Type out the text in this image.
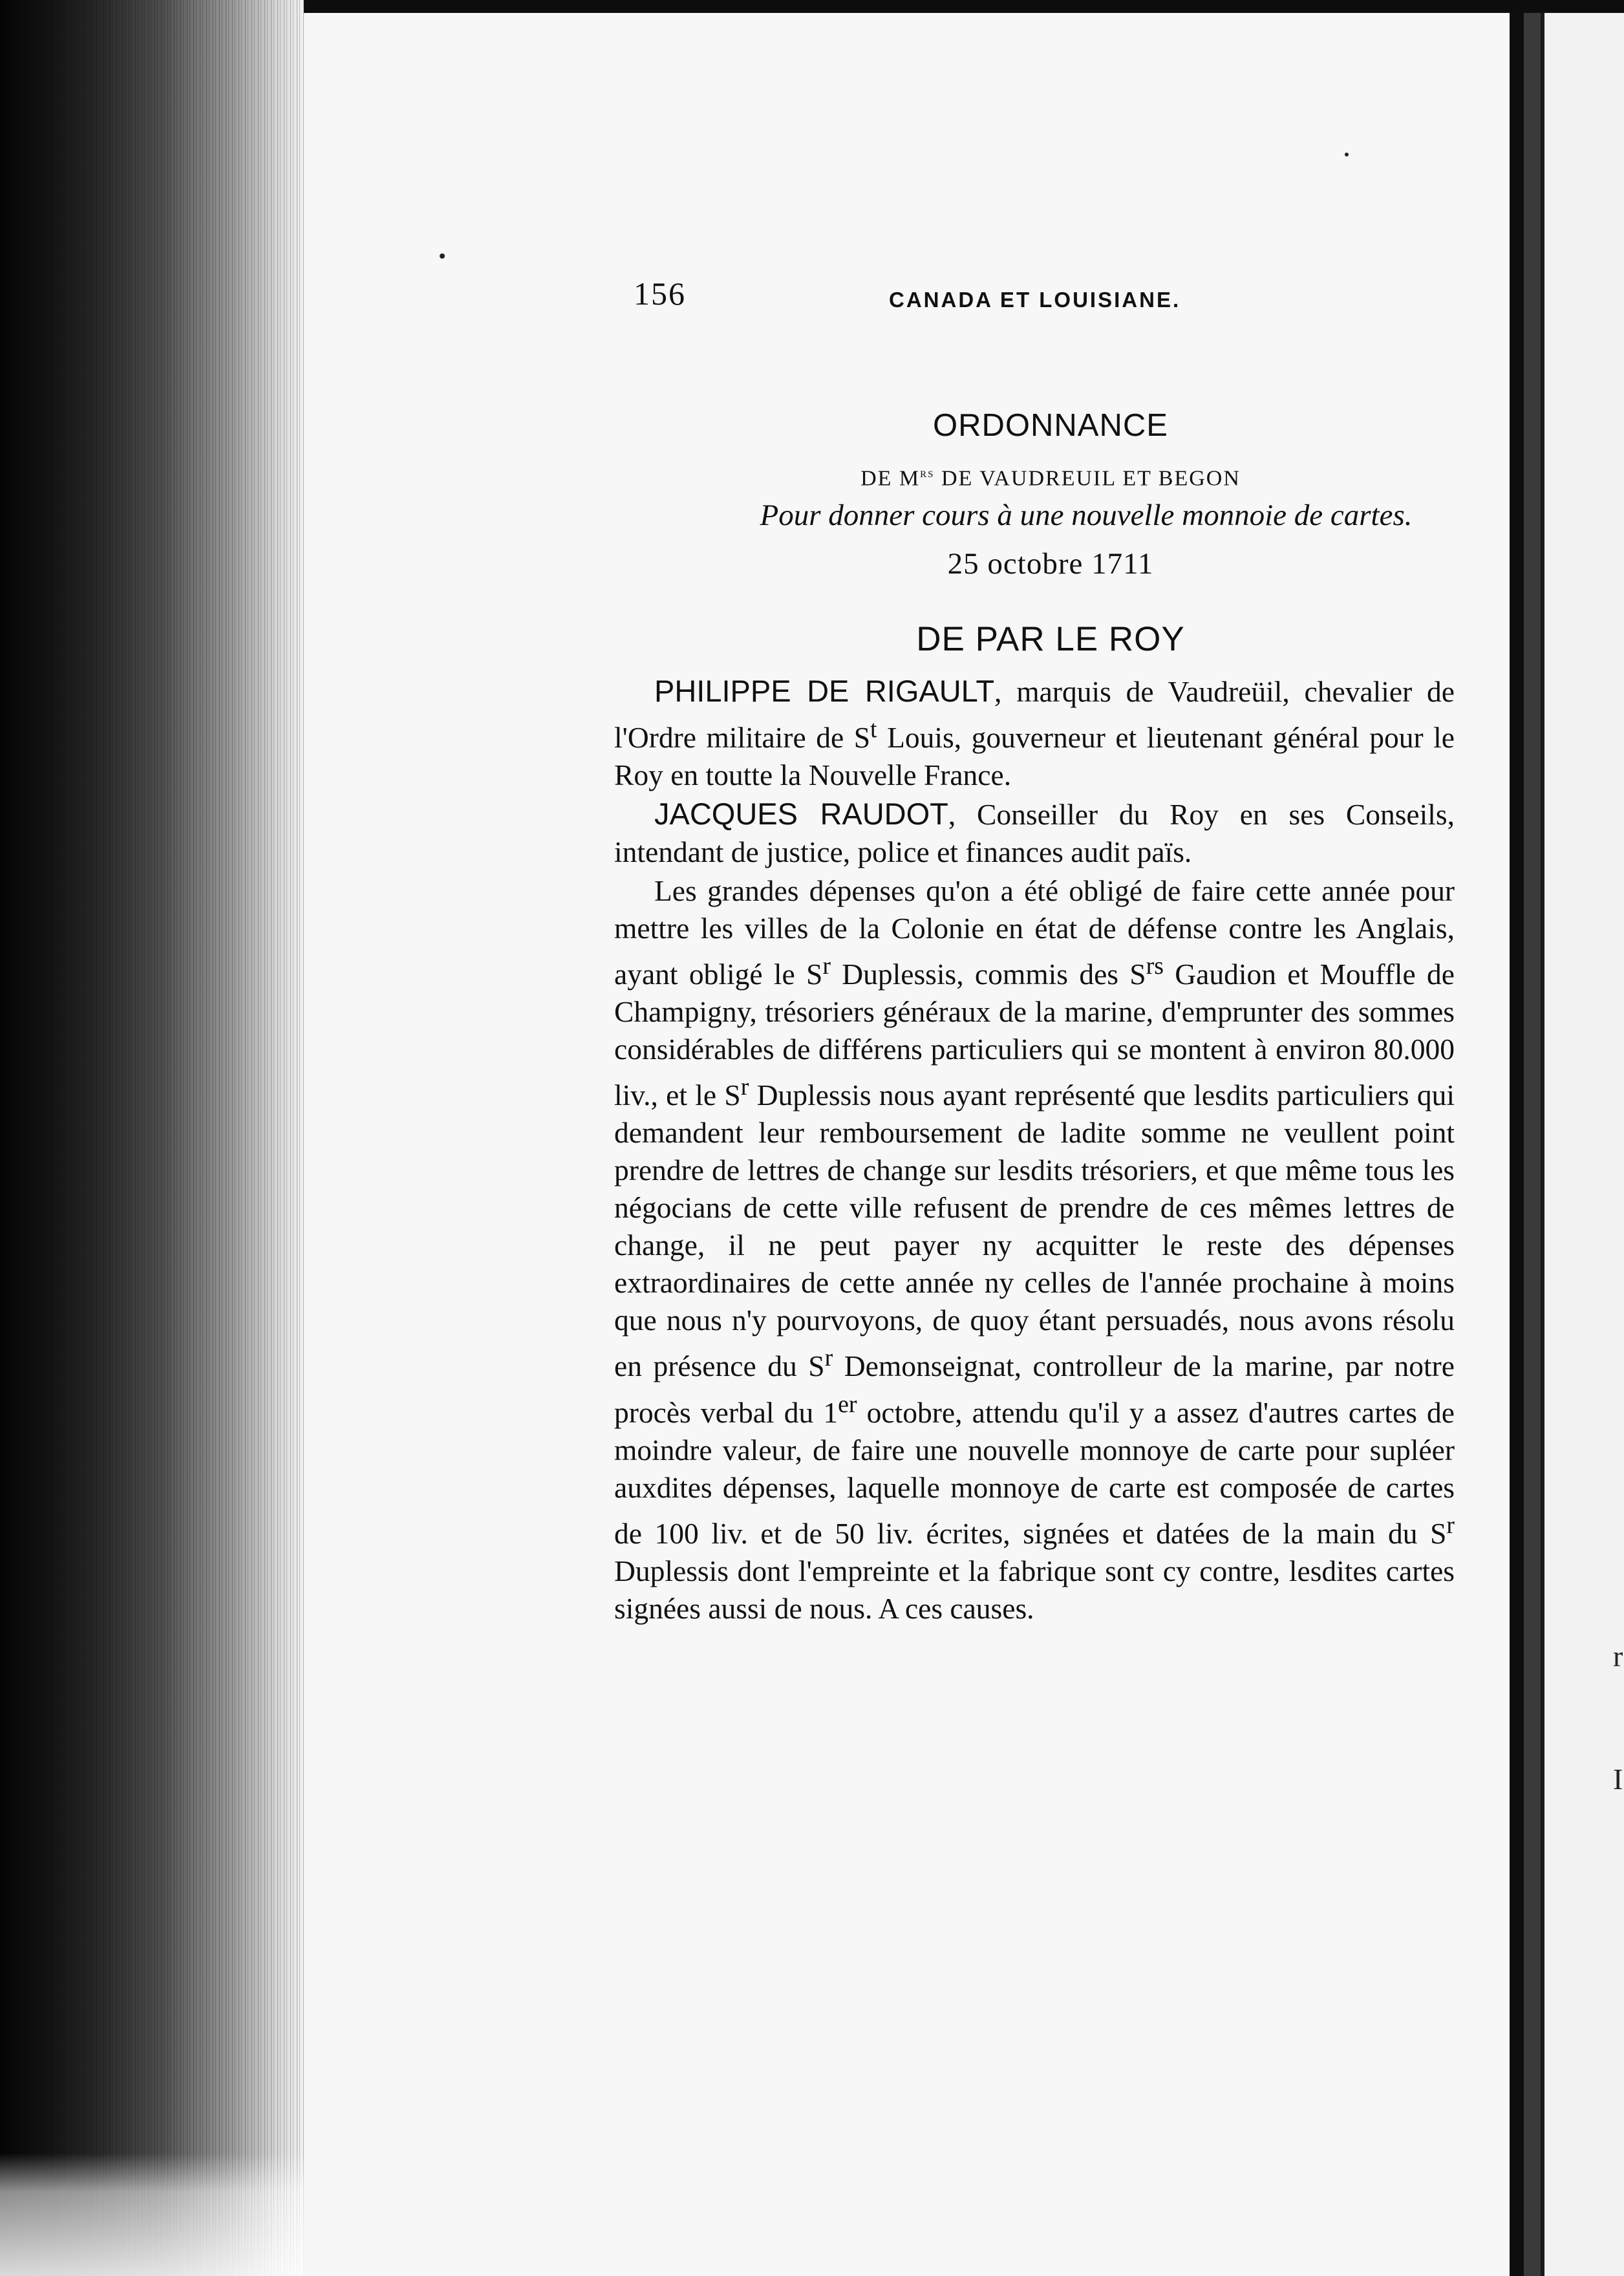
r
I
156	CANADA ET LOUISIANE.
ORDONNANCE
DE $M^{rs}$ DE VAUDREUIL ET BEGON
Pour donner cours à une nouvelle monnoie de cartes.
25 octobre 1711
DE PAR LE ROY

PHILIPPE DE RIGAULT, marquis de Vaudreüil, chevalier de l'Ordre militaire de $S^t$ Louis, gouverneur et lieutenant général pour le Roy en toutte la Nouvelle France.

JACQUES RAUDOT, Conseiller du Roy en ses Conseils, intendant de justice, police et finances audit païs.

Les grandes dépenses qu'on a été obligé de faire cette année pour mettre les villes de la Colonie en état de défense contre les Anglais, ayant obligé le $S^r$ Duplessis, commis des $S^{rs}$ Gaudion et Mouffle de Champigny, trésoriers généraux de la marine, d'emprunter des sommes considérables de différens particuliers qui se montent à environ 80.000 liv., et le $S^r$ Duplessis nous ayant représenté que lesdits particuliers qui demandent leur remboursement de ladite somme ne veullent point prendre de lettres de change sur lesdits trésoriers, et que même tous les négocians de cette ville refusent de prendre de ces mêmes lettres de change, il ne peut payer ny acquitter le reste des dépenses extraordinaires de cette année ny celles de l'année prochaine à moins que nous n'y pourvoyons, de quoy étant persuadés, nous avons résolu en présence du $S^r$ Demonseignat, controlleur de la marine, par notre procès verbal du 1er octobre, attendu qu'il y a assez d'autres cartes de moindre valeur, de faire une nouvelle monnoye de carte pour supléer auxdites dépenses, laquelle monnoye de carte est composée de cartes de 100 liv. et de 50 liv. écrites, signées et datées de la main du $S^r$ Duplessis dont l'empreinte et la fabrique sont cy contre, lesdites cartes signées aussi de nous. A ces causes.
